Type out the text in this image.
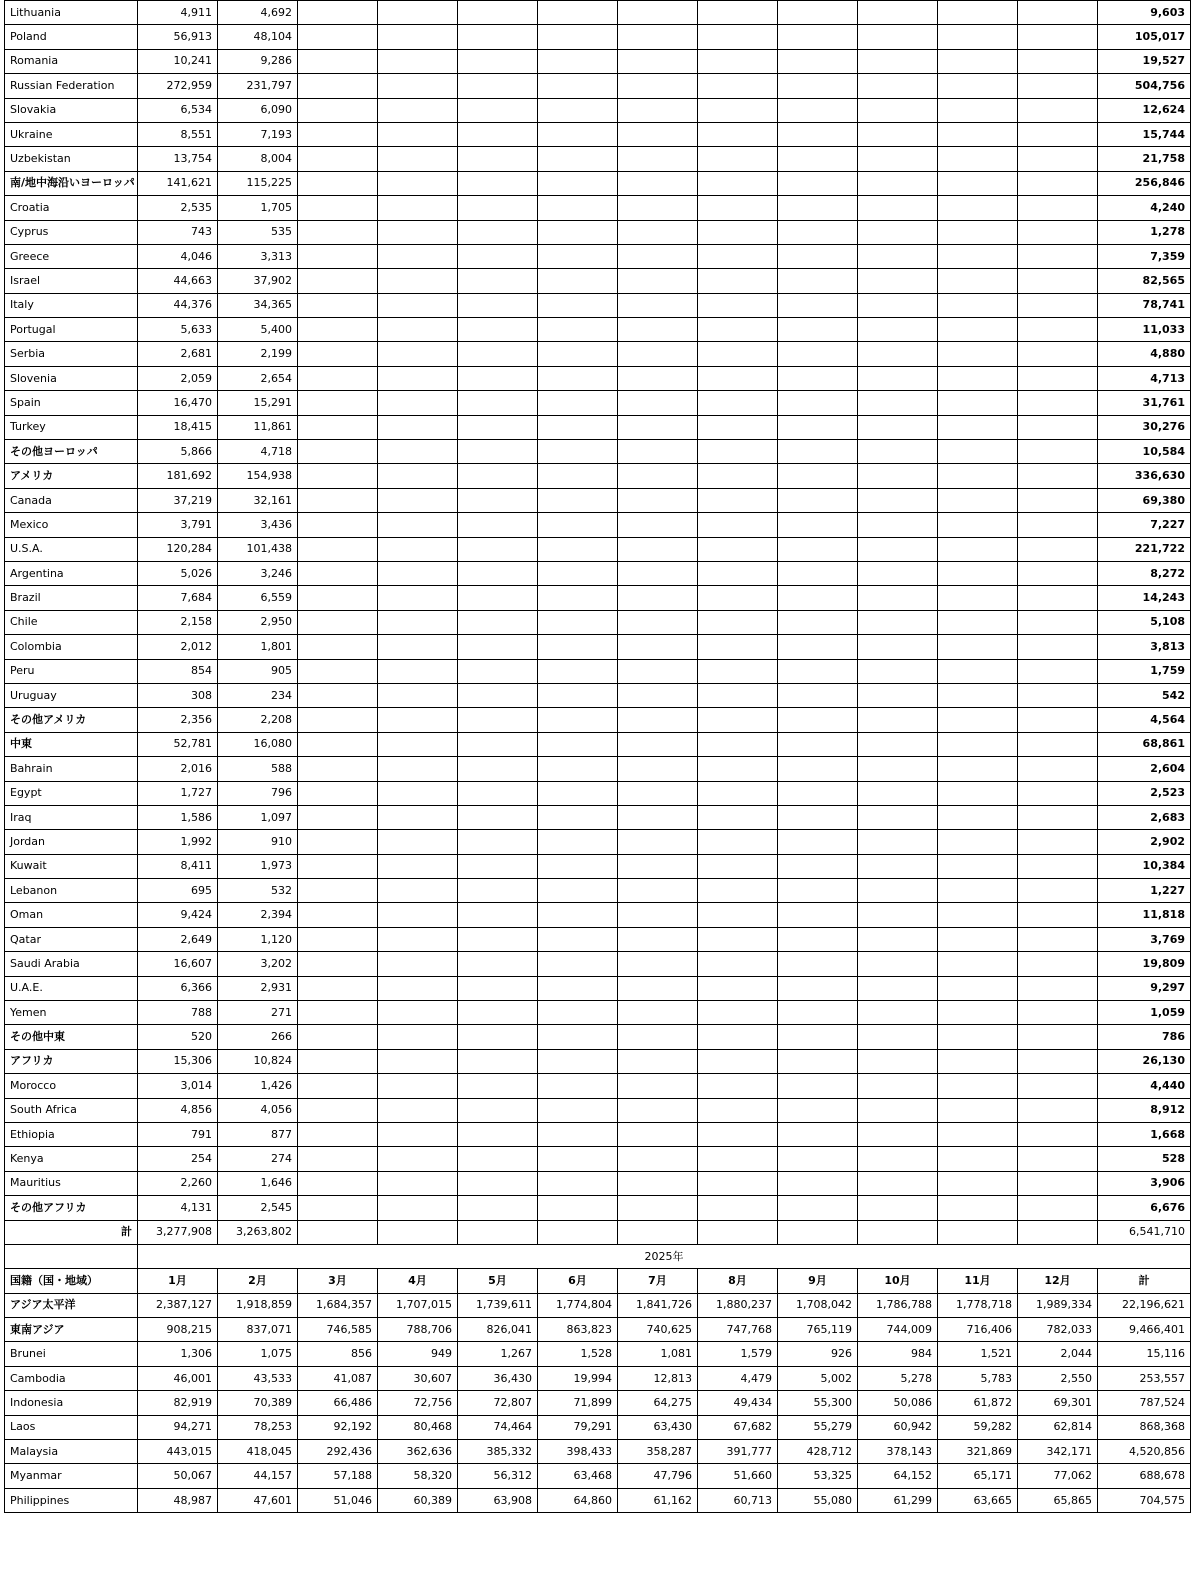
Lithuania	4,911	4,692											9,603
Poland	56,913	48,104											105,017
Romania	10,241	9,286											19,527
Russian Federation	272,959	231,797											504,756
Slovakia	6,534	6,090											12,624
Ukraine	8,551	7,193											15,744
Uzbekistan	13,754	8,004											21,758
南/地中海沿いヨーロッパ	141,621	115,225											256,846
Croatia	2,535	1,705											4,240
Cyprus	743	535											1,278
Greece	4,046	3,313											7,359
Israel	44,663	37,902											82,565
Italy	44,376	34,365											78,741
Portugal	5,633	5,400											11,033
Serbia	2,681	2,199											4,880
Slovenia	2,059	2,654											4,713
Spain	16,470	15,291											31,761
Turkey	18,415	11,861											30,276
その他ヨーロッパ	5,866	4,718											10,584
アメリカ	181,692	154,938											336,630
Canada	37,219	32,161											69,380
Mexico	3,791	3,436											7,227
U.S.A.	120,284	101,438											221,722
Argentina	5,026	3,246											8,272
Brazil	7,684	6,559											14,243
Chile	2,158	2,950											5,108
Colombia	2,012	1,801											3,813
Peru	854	905											1,759
Uruguay	308	234											542
その他アメリカ	2,356	2,208											4,564
中東	52,781	16,080											68,861
Bahrain	2,016	588											2,604
Egypt	1,727	796											2,523
Iraq	1,586	1,097											2,683
Jordan	1,992	910											2,902
Kuwait	8,411	1,973											10,384
Lebanon	695	532											1,227
Oman	9,424	2,394											11,818
Qatar	2,649	1,120											3,769
Saudi Arabia	16,607	3,202											19,809
U.A.E.	6,366	2,931											9,297
Yemen	788	271											1,059
その他中東	520	266											786
アフリカ	15,306	10,824											26,130
Morocco	3,014	1,426											4,440
South Africa	4,856	4,056											8,912
Ethiopia	791	877											1,668
Kenya	254	274											528
Mauritius	2,260	1,646											3,906
その他アフリカ	4,131	2,545											6,676
計	3,277,908	3,263,802											6,541,710
	2025年												
国籍（国・地域）	1月	2月	3月	4月	5月	6月	7月	8月	9月	10月	11月	12月	計
アジア太平洋	2,387,127	1,918,859	1,684,357	1,707,015	1,739,611	1,774,804	1,841,726	1,880,237	1,708,042	1,786,788	1,778,718	1,989,334	22,196,621
東南アジア	908,215	837,071	746,585	788,706	826,041	863,823	740,625	747,768	765,119	744,009	716,406	782,033	9,466,401
Brunei	1,306	1,075	856	949	1,267	1,528	1,081	1,579	926	984	1,521	2,044	15,116
Cambodia	46,001	43,533	41,087	30,607	36,430	19,994	12,813	4,479	5,002	5,278	5,783	2,550	253,557
Indonesia	82,919	70,389	66,486	72,756	72,807	71,899	64,275	49,434	55,300	50,086	61,872	69,301	787,524
Laos	94,271	78,253	92,192	80,468	74,464	79,291	63,430	67,682	55,279	60,942	59,282	62,814	868,368
Malaysia	443,015	418,045	292,436	362,636	385,332	398,433	358,287	391,777	428,712	378,143	321,869	342,171	4,520,856
Myanmar	50,067	44,157	57,188	58,320	56,312	63,468	47,796	51,660	53,325	64,152	65,171	77,062	688,678
Philippines	48,987	47,601	51,046	60,389	63,908	64,860	61,162	60,713	55,080	61,299	63,665	65,865	704,575
